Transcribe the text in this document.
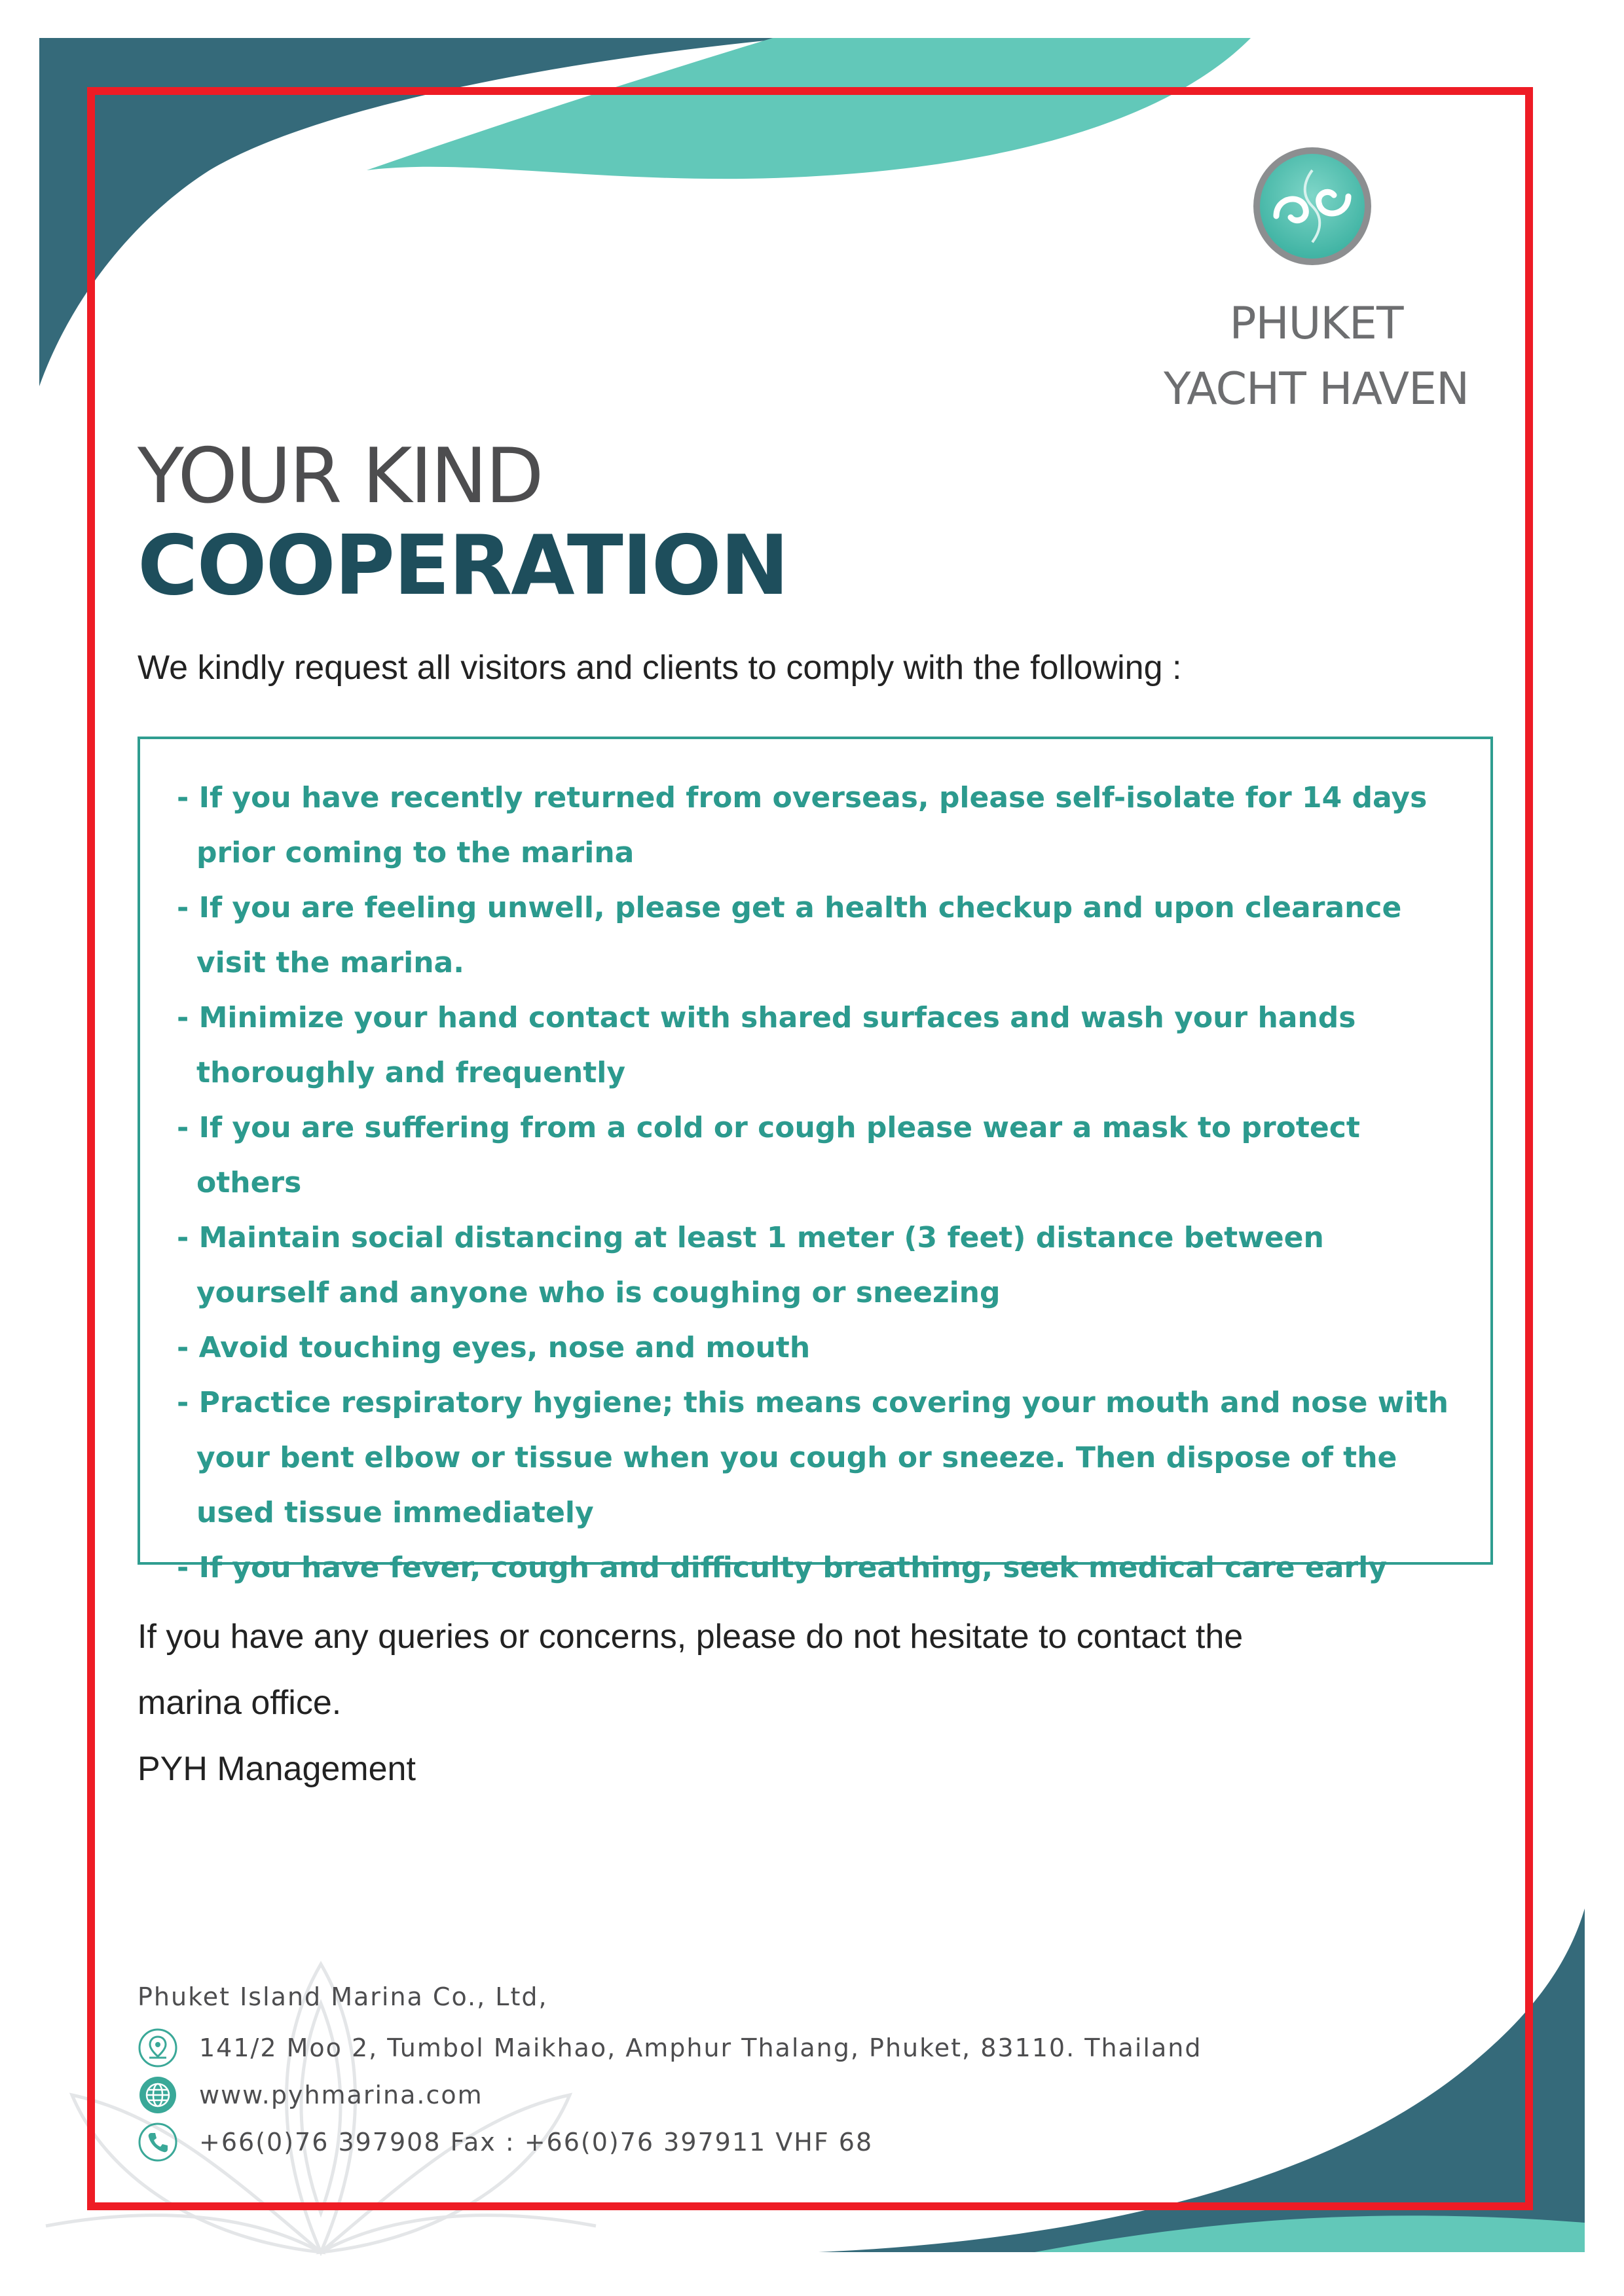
PHUKET
YACHT HAVEN
YOUR KIND
COOPERATION
We kindly request all visitors and clients to comply with the following :
- If you have recently returned from overseas, please self-isolate for 14 days prior coming to the marina
- If you are feeling unwell, please get a health checkup and upon clearance visit the marina.
- Minimize your hand contact with shared surfaces and wash your hands thoroughly and frequently
- If you are suffering from a cold or cough please wear a mask to protect others
- Maintain social distancing at least 1 meter (3 feet) distance between yourself and anyone who is coughing or sneezing
- Avoid touching eyes, nose and mouth
- Practice respiratory hygiene; this means covering your mouth and nose with your bent elbow or tissue when you cough or sneeze. Then dispose of the used tissue immediately
- If you have fever, cough and difficulty breathing, seek medical care early

If you have any queries or concerns, please do not hesitate to contact the marina office.

PYH Management

Phuket Island Marina Co., Ltd,
141/2 Moo 2, Tumbol Maikhao, Amphur Thalang, Phuket, 83110. Thailand
www.pyhmarina.com
+66(0)76 397908 Fax : +66(0)76 397911 VHF 68
